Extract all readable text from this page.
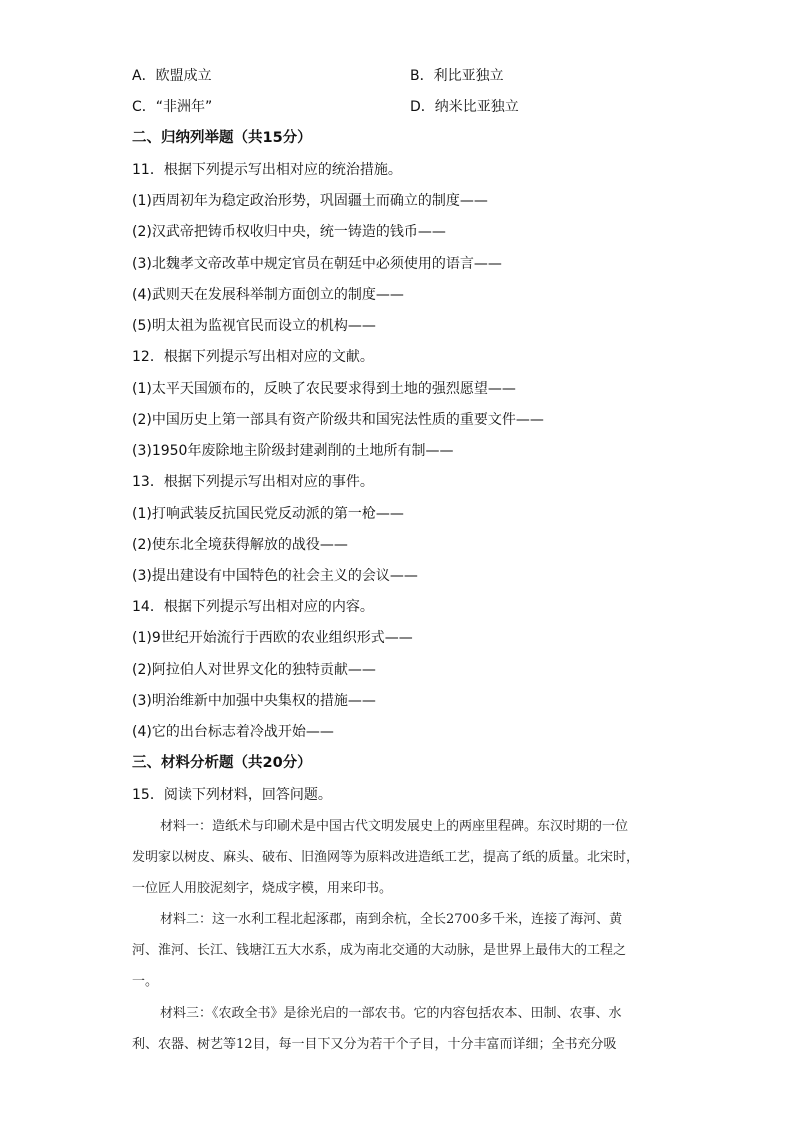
A．欧盟成立	B．利比亚独立
C．“非洲年”	D．纳米比亚独立
二、归纳列举题（共15分）
11．根据下列提示写出相对应的统治措施。
(1)西周初年为稳定政治形势，巩固疆土而确立的制度——
(2)汉武帝把铸币权收归中央，统一铸造的钱币——
(3)北魏孝文帝改革中规定官员在朝廷中必须使用的语言——
(4)武则天在发展科举制方面创立的制度——
(5)明太祖为监视官民而设立的机构——
12．根据下列提示写出相对应的文献。
(1)太平天国颁布的，反映了农民要求得到土地的强烈愿望——
(2)中国历史上第一部具有资产阶级共和国宪法性质的重要文件——
(3)1950年废除地主阶级封建剥削的土地所有制——
13．根据下列提示写出相对应的事件。
(1)打响武装反抗国民党反动派的第一枪——
(2)使东北全境获得解放的战役——
(3)提出建设有中国特色的社会主义的会议——
14．根据下列提示写出相对应的内容。
(1)9世纪开始流行于西欧的农业组织形式——
(2)阿拉伯人对世界文化的独特贡献——
(3)明治维新中加强中央集权的措施——
(4)它的出台标志着冷战开始——
三、材料分析题（共20分）
15．阅读下列材料，回答问题。
材料一：造纸术与印刷术是中国古代文明发展史上的两座里程碑。东汉时期的一位
发明家以树皮、麻头、破布、旧渔网等为原料改进造纸工艺，提高了纸的质量。北宋时，
一位匠人用胶泥刻字，烧成字模，用来印书。
材料二：这一水利工程北起涿郡，南到余杭，全长2700多千米，连接了海河、黄
河、淮河、长江、钱塘江五大水系，成为南北交通的大动脉，是世界上最伟大的工程之
一。
材料三：《农政全书》是徐光启的一部农书。它的内容包括农本、田制、农事、水
利、农器、树艺等12目，每一目下又分为若干个子目，十分丰富而详细；全书充分吸
